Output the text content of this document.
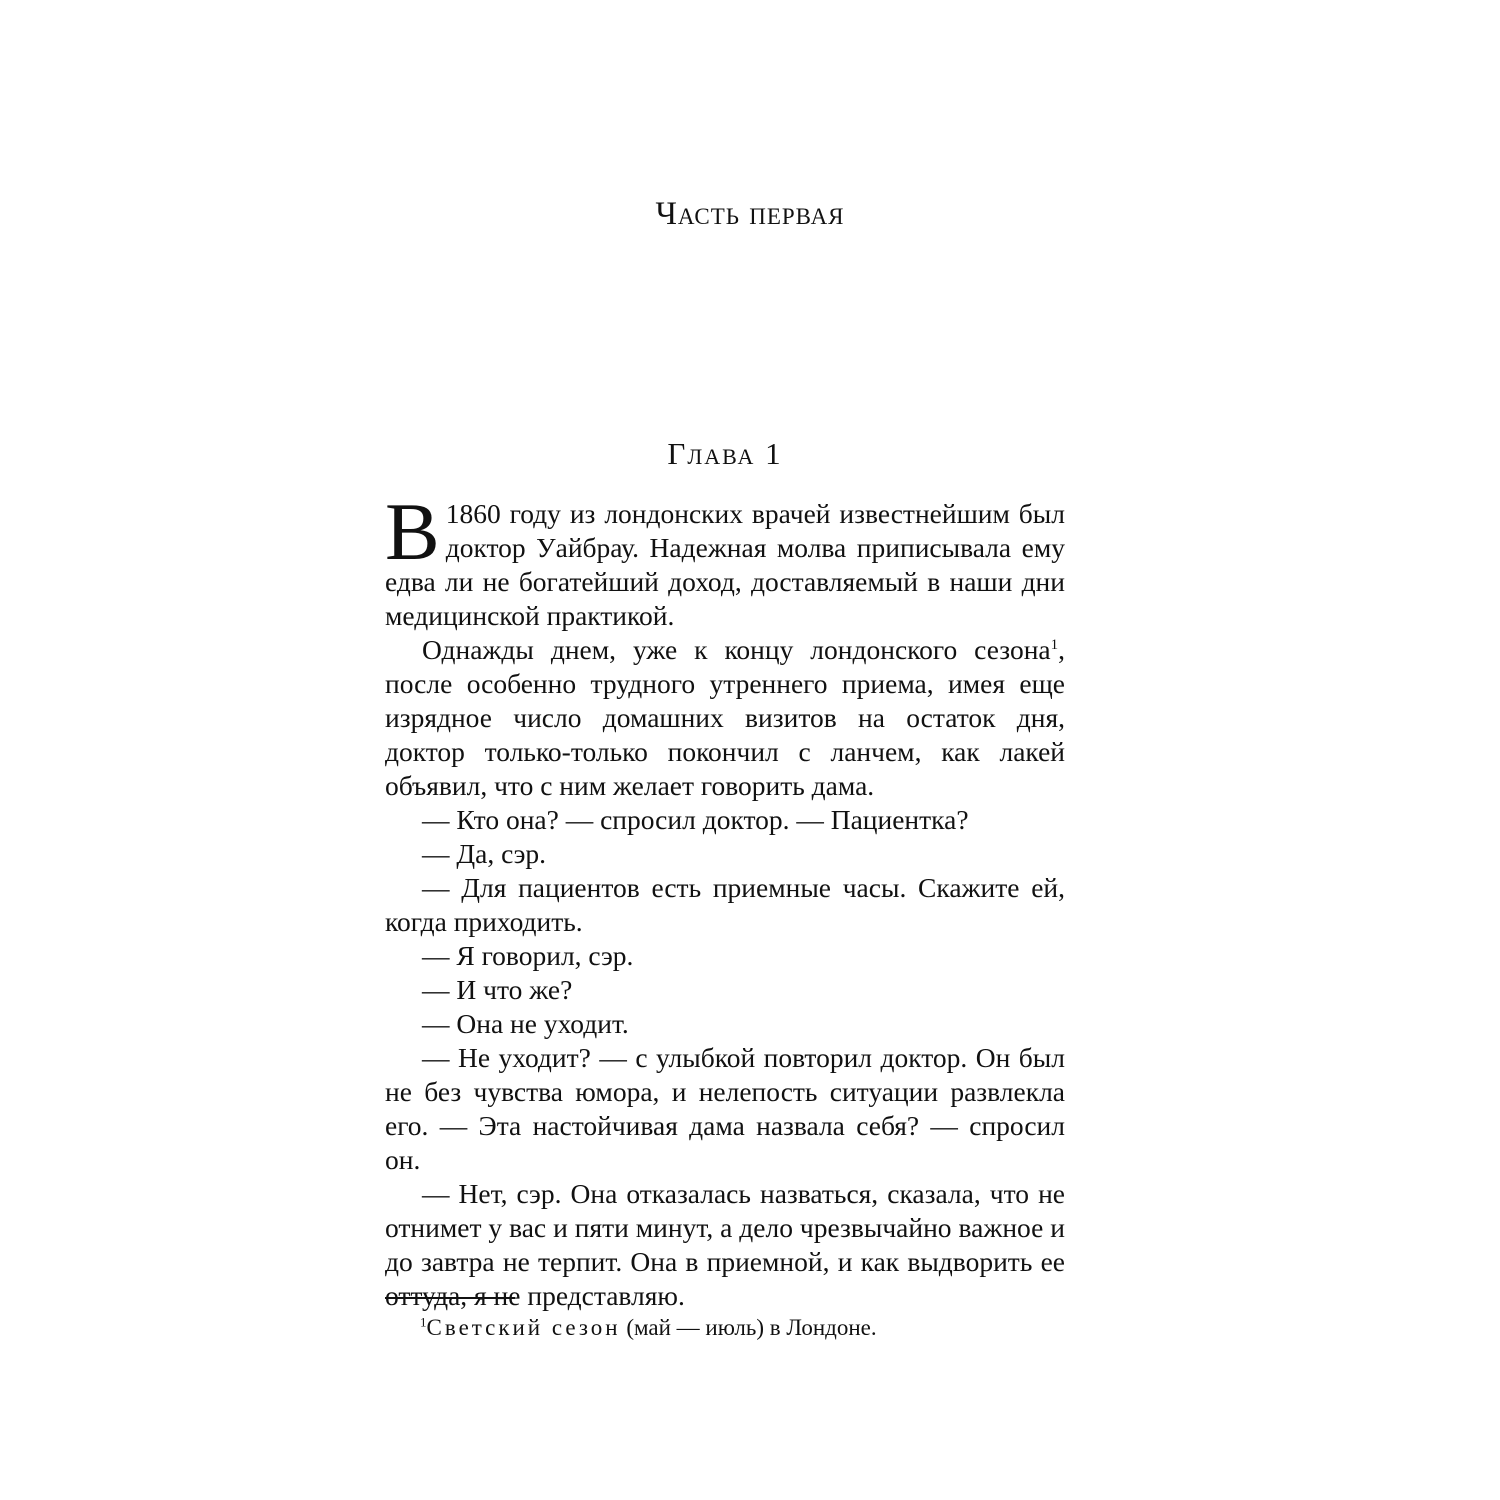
Часть первая
Глава 1

В 1860 году из лондонских врачей известнейшим был доктор Уайбрау. Надежная молва приписывала ему едва ли не богатейший доход, доставляемый в наши дни медицинской практикой.

Однажды днем, уже к концу лондонского сезона$^1$, после особенно трудного утреннего приема, имея еще изрядное число домашних визитов на остаток дня, доктор только-только покончил с ланчем, как лакей объявил, что с ним желает говорить дама.

— Кто она? — спросил доктор. — Пациентка?

— Да, сэр.

— Для пациентов есть приемные часы. Скажите ей, когда приходить.

— Я говорил, сэр.

— И что же?

— Она не уходит.

— Не уходит? — с улыбкой повторил доктор. Он был не без чувства юмора, и нелепость ситуации развлекла его. — Эта настойчивая дама назвала себя? — спросил он.

— Нет, сэр. Она отказалась назваться, сказала, что не отнимет у вас и пяти минут, а дело чрезвычайно важное и до завтра не терпит. Она в приемной, и как выдворить ее оттуда, я не представляю.

$^1$Светский сезон (май — июль) в Лондоне.
